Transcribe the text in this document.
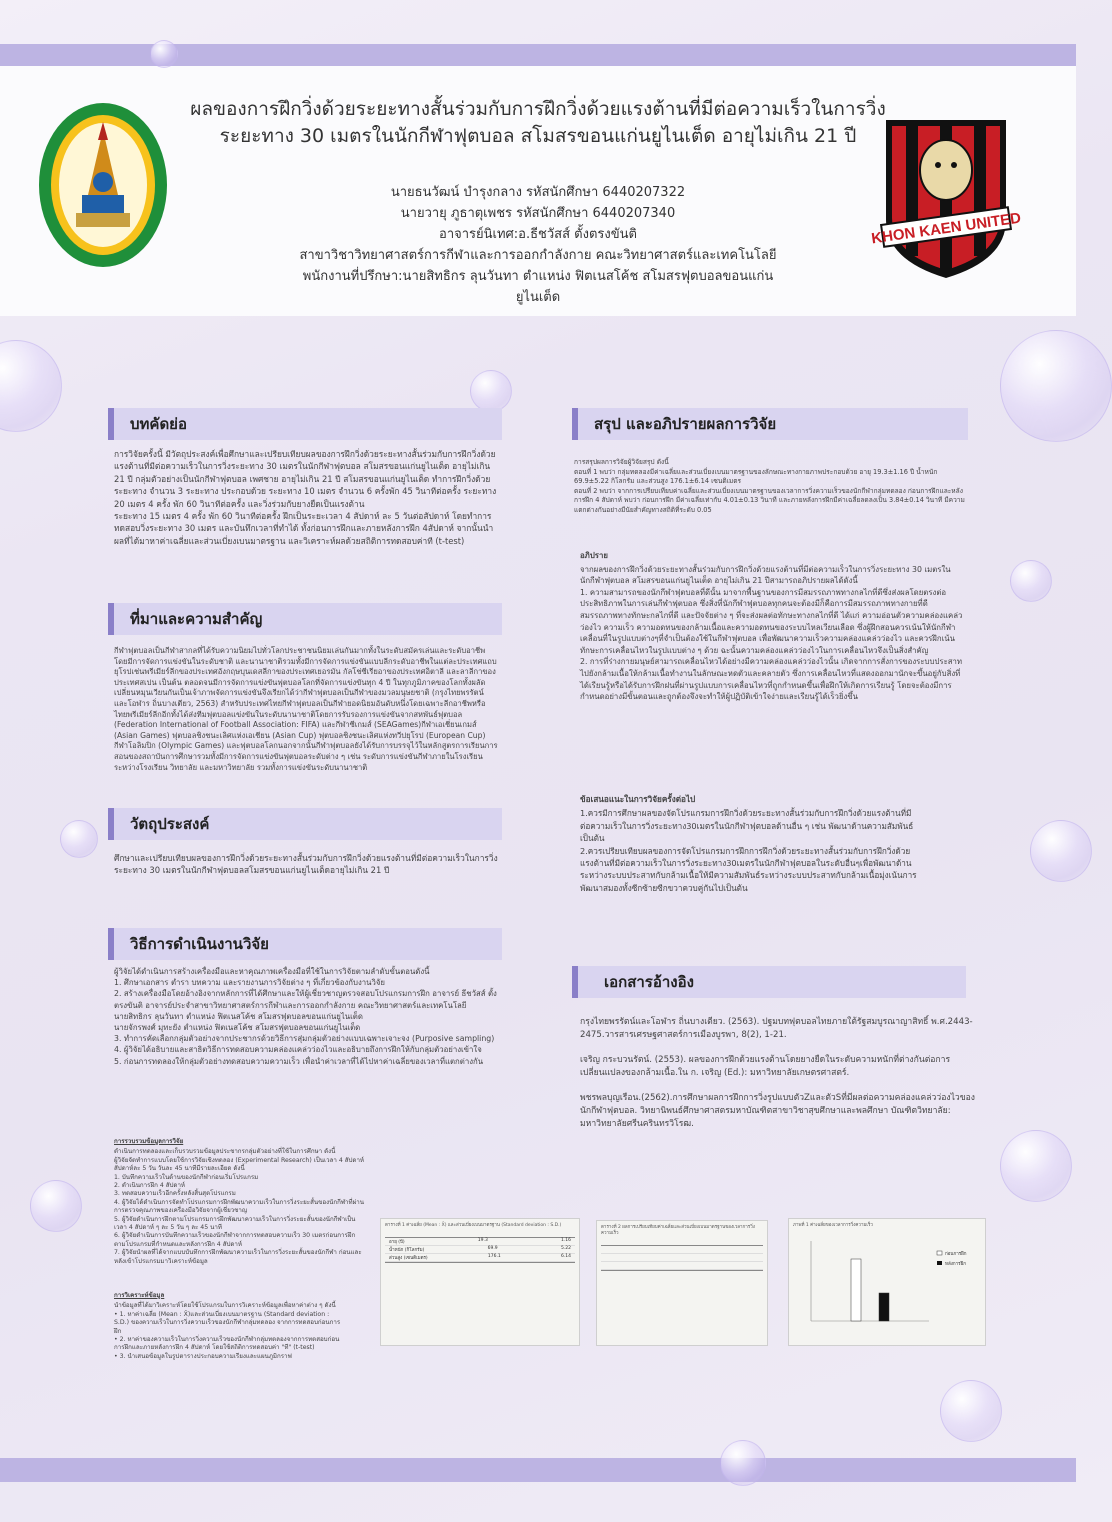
KHON KAEN UNITED
ผลของการฝึกวิ่งด้วยระยะทางสั้นร่วมกับการฝึกวิ่งด้วยแรงต้านที่มีต่อความเร็วในการวิ่ง
ระยะทาง 30 เมตรในนักกีฬาฟุตบอล สโมสรขอนแก่นยูไนเต็ด อายุไม่เกิน 21 ปี
นายธนวัฒน์ บำรุงกลาง รหัสนักศึกษา 6440207322
นายวายุ ภูธาตุเพชร รหัสนักศึกษา 6440207340
อาจารย์นิเทศ:อ.ธีชวัสส์ ตั้งตรงขันติ
สาขาวิชาวิทยาศาสตร์การกีฬาและการออกกำลังกาย คณะวิทยาศาสตร์และเทคโนโลยี
พนักงานที่ปรึกษา:นายสิทธิกร ลุนวันทา ตำแหน่ง ฟิตเนสโค้ช สโมสรฟุตบอลขอนแก่น
ยูไนเต็ด
บทคัดย่อ

การวิจัยครั้งนี้ มีวัตถุประสงค์เพื่อศึกษาและเปรียบเทียบผลของการฝึกวิ่งด้วยระยะทางสั้นร่วมกับการฝึกวิ่งด้วยแรงต้านที่มีต่อความเร็วในการวิ่งระยะทาง 30 เมตรในนักกีฬาฟุตบอล สโมสรขอนแก่นยูไนเต็ด อายุไม่เกิน 21 ปี กลุ่มตัวอย่างเป็นนักกีฬาฟุตบอล เพศชาย อายุไม่เกิน 21 ปี สโมสรขอนแก่นยูไนเต็ด ทำการฝึกวิ่งด้วยระยะทาง จำนวน 3 ระยะทาง ประกอบด้วย ระยะทาง 10 เมตร จำนวน 6 ครั้งพัก 45 วินาทีต่อครั้ง ระยะทาง 20 เมตร 4 ครั้ง พัก 60 วินาทีต่อครั้ง และวิ่งร่วมกับยางยืดเป็นแรงต้าน
ระยะทาง 15 เมตร 4 ครั้ง พัก 60 วินาทีต่อครั้ง ฝึกเป็นระยะเวลา 4 สัปดาห์ ละ 5 วันต่อสัปดาห์ โดยทำการทดสอบวิ่งระยะทาง 30 เมตร และบันทึกเวลาที่ทำได้ ทั้งก่อนการฝึกและภายหลังการฝึก 4สัปดาห์ จากนั้นนำผลที่ได้มาหาค่าเฉลี่ยและส่วนเบี่ยงเบนมาตรฐาน และวิเคราะห์ผลด้วยสถิติการทดสอบค่าที (t-test)

ที่มาและความสำคัญ

กีฬาฟุตบอลเป็นกีฬาสากลที่ได้รับความนิยมไปทั่วโลกประชาชนนิยมเล่นกันมากทั้งในระดับสมัครเล่นและระดับอาชีพ โดยมีการจัดการแข่งขันในระดับชาติ และนานาชาติรวมทั้งมีการจัดการแข่งขันแบบลีกระดับอาชีพในแต่ละประเทศแถบยุโรปเช่นพรีเมียร์ลีกของประเทศอังกฤษบุนเดสลีกาของประเทศเยอรมัน กัลโช่ซีเรียอาของประเทศอิตาลี และลาลีกาของประเทศสเปน เป็นต้น ตลอดจนมีการจัดการแข่งขันฟุตบอลโลกที่จัดการแข่งขันทุก 4 ปี ในทุกภูมิภาคของโลกทั้งผลัดเปลี่ยนหมุนเวียนกันเป็นเจ้าภาพจัดการแข่งขันจึงเรียกได้ว่ากีฬาฟุตบอลเป็นกีฬาของมวลมนุษยชาติ (กรุงไทยพรรัตน์ และโอฬาร ถิ่นบางเตียว, 2563) สำหรับประเทศไทยกีฬาฟุตบอลเป็นกีฬายอดนิยมอันดับหนึ่งโดยเฉพาะลีกอาชีพหรือไทยพรีเมียร์ลีกอีกทั้งได้ส่งทีมฟุตบอลแข่งขันในระดับนานาชาติโดยการรับรองการแข่งขันจากสหพันธ์ฟุตบอล (Federation International of Football Association: FIFA) และกีฬาซีเกมส์ (SEAGames)กีฬาเอเชี่ยนเกมส์ (Asian Games) ฟุตบอลชิงชนะเลิศแห่งเอเชียน (Asian Cup) ฟุตบอลชิงชนะเลิศแห่งทวีปยุโรป (European Cup) กีฬาโอลิมปิก (Olympic Games) และฟุตบอลโลกนอกจากนั้นกีฬาฟุตบอลยังได้รับการบรรจุไว้ในหลักสูตรการเรียนการสอนของสถาบันการศึกษารวมทั้งมีการจัดการแข่งขันฟุตบอลระดับต่าง ๆ เช่น ระดับการแข่งขันกีฬาภายในโรงเรียน ระหว่างโรงเรียน วิทยาลัย และมหาวิทยาลัย รวมทั้งการแข่งขันระดับนานาชาติ

วัตถุประสงค์

ศึกษาและเปรียบเทียบผลของการฝึกวิ่งด้วยระยะทางสั้นร่วมกับการฝึกวิ่งด้วยแรงต้านที่มีต่อความเร็วในการวิ่งระยะทาง 30 เมตรในนักกีฬาฟุตบอลสโมสรขอนแก่นยูไนเต็ดอายุไม่เกิน 21 ปี

วิธีการดำเนินงานวิจัย

ผู้วิจัยได้ดำเนินการสร้างเครื่องมือและหาคุณภาพเครื่องมือที่ใช้ในการวิจัยตามลำดับขั้นตอนดังนี้
1. ศึกษาเอกสาร ตำรา บทความ และรายงานการวิจัยต่าง ๆ ที่เกี่ยวข้องกับงานวิจัย
2. สร้างเครื่องมือโดยอ้างอิงจากหลักการที่ได้ศึกษาและให้ผู้เชี่ยวชาญตรวจสอบโปรแกรมการฝึก อาจารย์ ธีชวัสส์ ตั้งตรงขันติ อาจารย์ประจำสาขาวิทยาศาสตร์การกีฬาและการออกกำลังกาย คณะวิทยาศาสตร์และเทคโนโลยี
นายสิทธิกร ลุนวันทา ตำแหน่ง ฟิตเนสโค้ช สโมสรฟุตบอลขอนแก่นยูไนเต็ด
นายจักรพงศ์ มุทะยัง ตำแหน่ง ฟิตเนสโค้ช สโมสรฟุตบอลขอนแก่นยูไนเต็ด
3. ทำการคัดเลือกกลุ่มตัวอย่างจากประชากรด้วยวิธีการสุ่มกลุ่มตัวอย่างแบบเฉพาะเจาะจง (Purposive sampling)
4. ผู้วิจัยได้อธิบายและสาธิตวิธีการทดสอบความคล่องแคล่วว่องไวและอธิบายถึงการฝึกให้กับกลุ่มตัวอย่างเข้าใจ
5. ก่อนการทดลองให้กลุ่มตัวอย่างทดสอบความความเร็ว เพื่อนำค่าเวลาที่ได้ไปหาค่าเฉลี่ยของเวลาที่แตกต่างกัน

การรวบรวมข้อมูลการวิจัย

ดำเนินการทดลองและเก็บรวบรวมข้อมูลประชากรกลุ่มตัวอย่างที่ใช้ในการศึกษา ดังนี้
ผู้วิจัยจัดทำการแบบโดยใช้การวิจัยเชิงทดลอง (Experimental Research) เป็นเวลา 4 สัปดาห์ สัปดาห์ละ 5 วัน วันละ 45 นาทีมีรายละเอียด ดังนี้
1. บันทึกความเร็วในด้านของนักกีฬาก่อนเริ่มโปรแกรม
2. ดำเนินการฝึก 4 สัปดาห์
3. ทดสอบความเร็วอีกครั้งหลังสิ้นสุดโปรแกรม
4. ผู้วิจัยได้ดำเนินการจัดทำโปรแกรมการฝึกพัฒนาความเร็วในการวิ่งระยะสั้นของนักกีฬาที่ผ่านการตรวจคุณภาพของเครื่องมือวิจัยจากผู้เชี่ยวชาญ
5. ผู้วิจัยดำเนินการฝึกตามโปรแกรมการฝึกพัฒนาความเร็วในการวิ่งระยะสั้นของนักกีฬาเป็นเวลา 4 สัปดาห์ ๆ ละ 5 วัน ๆ ละ 45 นาที
6. ผู้วิจัยดำเนินการบันทึกความเร็วของนักกีฬาจากการทดสอบความเร็ว 30 เมตรก่อนการฝึกตามโปรแกรมที่กำหนดและหลังการฝึก 4 สัปดาห์
7. ผู้วิจัยนำผลที่ได้จากแบบบันทึกการฝึกพัฒนาความเร็วในการวิ่งระยะสั้นของนักกีฬา ก่อนและหลังเข้าโปรแกรมมาวิเคราะห์ข้อมูล

การวิเคราะห์ข้อมูล

นำข้อมูลที่ได้มาวิเคราะห์โดยใช้โปรแกรมในการวิเคราะห์ข้อมูลเพื่อหาค่าต่าง ๆ ดังนี้
• 1. หาค่าเฉลี่ย (Mean : X̄)และส่วนเบี่ยงเบนมาตรฐาน (Standard deviation : S.D.) ของความเร็วในการวิ่งความเร็วของนักกีฬากลุ่มทดลอง จากการทดสอบก่อนการฝึก
• 2. หาค่าของความเร็วในการวิ่งความเร็วของนักกีฬากลุ่มทดลองจากการทดสอบก่อนการฝึกและภายหลังการฝึก 4 สัปดาห์ โดยใช้สถิติการทดสอบค่า "ที" (t-test)
• 3. นำเสนอข้อมูลในรูปตารางประกอบความเรียงและแผนภูมิกราฟ

สรุป และอภิปรายผลการวิจัย

การสรุปผลการวิจัยผู้วิจัยสรุป ดังนี้
ตอนที่ 1 พบว่า กลุ่มทดลองมีค่าเฉลี่ยและส่วนเบี่ยงเบนมาตรฐานของลักษณะทางกายภาพประกอบด้วย อายุ 19.3±1.16 ปี น้ำหนัก 69.9±5.22 กิโลกรัม และส่วนสูง 176.1±6.14 เซนติเมตร
ตอนที่ 2 พบว่า จากการเปรียบเทียบค่าเฉลี่ยและส่วนเบี่ยงเบนมาตรฐานของเวลาการวิ่งความเร็วของนักกีฬากลุ่มทดลอง ก่อนการฝึกและหลังการฝึก 4 สัปดาห์ พบว่า ก่อนการฝึก มีค่าเฉลี่ยเท่ากับ 4.01±0.13 วินาที และภายหลังการฝึกมีค่าเฉลี่ยลดลงเป็น 3.84±0.14 วินาที มีความแตกต่างกันอย่างมีนัยสำคัญทางสถิติที่ระดับ 0.05

อภิปราย

จากผลของการฝึกวิ่งด้วยระยะทางสั้นร่วมกับการฝึกวิ่งด้วยแรงต้านที่มีต่อความเร็วในการวิ่งระยะทาง 30 เมตรในนักกีฬาฟุตบอล สโมสรขอนแก่นยูไนเต็ด อายุไม่เกิน 21 ปีสามารถอภิปรายผลได้ดังนี้
1. ความสามารถของนักกีฬาฟุตบอลที่ดีนั้น มาจากพื้นฐานของการมีสมรรถภาพทางกลไกที่ดีซึ่งส่งผลโดยตรงต่อประสิทธิภาพในการเล่นกีฬาฟุตบอล ซึ่งสิ่งที่นักกีฬาฟุตบอลทุกคนจะต้องมีก็คือการมีสมรรถภาพทางกายที่ดี สมรรถภาพทางทักษะกลไกที่ดี และปัจจัยต่าง ๆ ที่จะส่งผลต่อทักษะทางกลไกที่ดี ได้แก่ ความอ่อนตัวความคล่องแคล่วว่องไว ความเร็ว ความอดทนของกล้ามเนื้อและความอดทนของระบบไหลเวียนเลือด ซึ่งผู้ฝึกสอนควรเน้นให้นักกีฬาเคลื่อนที่ในรูปแบบต่างๆที่จำเป็นต้องใช้ในกีฬาฟุตบอล เพื่อพัฒนาความเร็วความคล่องแคล่วว่องไว และควรฝึกเน้นทักษะการเคลื่อนไหวในรูปแบบต่าง ๆ ด้วย ฉะนั้นความคล่องแคล่วว่องไวในการเคลื่อนไหวจึงเป็นสิ่งสำคัญ
2. การที่ร่างกายมนุษย์สามารถเคลื่อนไหวได้อย่างมีความคล่องแคล่วว่องไวนั้น เกิดจากการสั่งการของระบบประสาทไปยังกล้ามเนื้อให้กล้ามเนื้อทำงานในลักษณะหดตัวและคลายตัว ซึ่งการเคลื่อนไหวที่แสดงออกมานักจะขึ้นอยู่กับสิ่งที่ได้เรียนรู้หรือได้รับการฝึกฝนที่ผ่านรูปแบบการเคลื่อนไหวที่ถูกกำหนดขึ้นเพื่อฝึกให้เกิดการเรียนรู้ โดยจะต้องมีการกำหนดอย่างมีขั้นตอนและถูกต้องจึงจะทำให้ผู้ปฏิบัติเข้าใจง่ายและเรียนรู้ได้เร็วยิ่งขึ้น

ข้อเสนอแนะในการวิจัยครั้งต่อไป

1.ควรมีการศึกษาผลของจัดโปรแกรมการฝึกวิ่งด้วยระยะทางสั้นร่วมกับการฝึกวิ่งด้วยแรงต้านที่มีต่อความเร็วในการวิ่งระยะทาง30เมตรในนักกีฬาฟุตบอลด้านอื่น ๆ เช่น พัฒนาด้านความสัมพันธ์เป็นต้น
2.ควรเปรียบเทียบผลของการจัดโปรแกรมการฝึกการฝึกวิ่งด้วยระยะทางสั้นร่วมกับการฝึกวิ่งด้วยแรงต้านที่มีต่อความเร็วในการวิ่งระยะทาง30เมตรในนักกีฬาฟุตบอลในระดับอื่นๆเพื่อพัฒนาด้านระหว่างระบบประสาทกับกล้ามเนื้อให้มีความสัมพันธ์ระหว่างระบบประสาทกับกล้ามเนื้อมุ่งเน้นการพัฒนาสมองทั้งซีกซ้ายซีกขวาควบคู่กันไปเป็นต้น

เอกสารอ้างอิง

กรุงไทยพรรัตน์และโอฬาร ถิ่นบางเตียว. (2563). ปฐมบทฟุตบอลไทยภายใต้รัฐสมบูรณาญาสิทธิ์ พ.ศ.2443-2475.วารสารเศรษฐศาสตร์การเมืองบูรพา, 8(2), 1-21.

เจริญ กระบวนรัตน์. (2553). ผลของการฝึกด้วยแรงต้านโดยยางยืดในระดับความหนักที่ต่างกันต่อการเปลี่ยนแปลงของกล้ามเนื้อ.ใน ก. เจริญ (Ed.): มหาวิทยาลัยเกษตรศาสตร์.

พชรพลบุญเรือน.(2562).การศึกษาผลการฝึกการวิ่งรูปแบบตัวZและตัวSที่มีผลต่อความคล่องแคล่วว่องไวของนักกีฬาฟุตบอล. วิทยานิพนธ์ศึกษาศาสตรมหาบัณฑิตสาขาวิชาสุขศึกษาและพลศึกษา บัณฑิตวิทยาลัย: มหาวิทยาลัยศรีนครินทรวิโรฒ.

ตารางที่ 1 ค่าเฉลี่ย (Mean : X̄) และส่วนเบี่ยงเบนมาตรฐาน (Standard deviation : S.D.)
อายุ (ปี)	19.3	1.16
น้ำหนัก (กิโลกรัม)	69.9	5.22
ส่วนสูง (เซนติเมตร)	176.1	6.14
ตารางที่ 2 ผลการเปรียบเทียบค่าเฉลี่ยและส่วนเบี่ยงเบนมาตรฐานของเวลาการวิ่งความเร็ว
ภาพที่ 1 ค่าเฉลี่ยของเวลาการวิ่งความเร็ว
ก่อนการฝึก
หลังการฝึก
